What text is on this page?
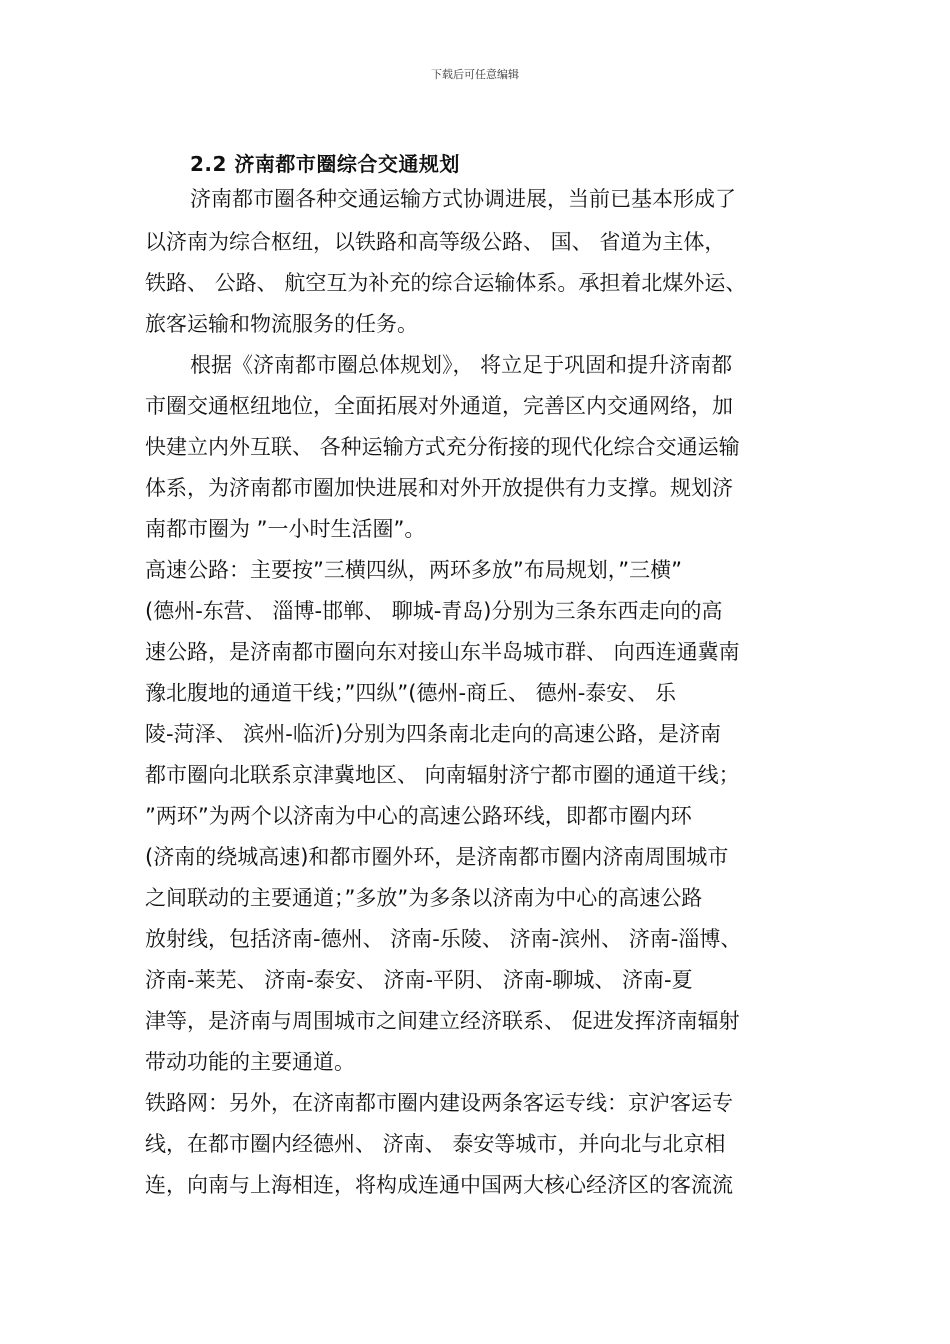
下载后可任意编辑
2.2 济南都市圈综合交通规划
济南都市圈各种交通运输方式协调进展，当前已基本形成了
以济南为综合枢纽，以铁路和高等级公路、 国、 省道为主体，
铁路、 公路、 航空互为补充的综合运输体系。承担着北煤外运、
旅客运输和物流服务的任务。
根据《济南都市圈总体规划》， 将立足于巩固和提升济南都
市圈交通枢纽地位，全面拓展对外通道，完善区内交通网络，加
快建立内外互联、 各种运输方式充分衔接的现代化综合交通运输
体系，为济南都市圈加快进展和对外开放提供有力支撑。规划济
南都市圈为 ”一小时生活圈”。
高速公路：主要按”三横四纵，两环多放”布局规划，”三横”
(德州-东营、 淄博-邯郸、 聊城-青岛)分别为三条东西走向的高
速公路，是济南都市圈向东对接山东半岛城市群、 向西连通冀南
豫北腹地的通道干线；”四纵”(德州-商丘、 德州-泰安、 乐
陵-菏泽、 滨州-临沂)分别为四条南北走向的高速公路，是济南
都市圈向北联系京津冀地区、 向南辐射济宁都市圈的通道干线；
”两环”为两个以济南为中心的高速公路环线，即都市圈内环
(济南的绕城高速)和都市圈外环，是济南都市圈内济南周围城市
之间联动的主要通道；”多放”为多条以济南为中心的高速公路
放射线，包括济南-德州、 济南-乐陵、 济南-滨州、 济南-淄博、
济南-莱芜、 济南-泰安、 济南-平阴、 济南-聊城、 济南-夏
津等，是济南与周围城市之间建立经济联系、 促进发挥济南辐射
带动功能的主要通道。
铁路网：另外，在济南都市圈内建设两条客运专线：京沪客运专
线，在都市圈内经德州、 济南、 泰安等城市，并向北与北京相
连，向南与上海相连，将构成连通中国两大核心经济区的客流流
